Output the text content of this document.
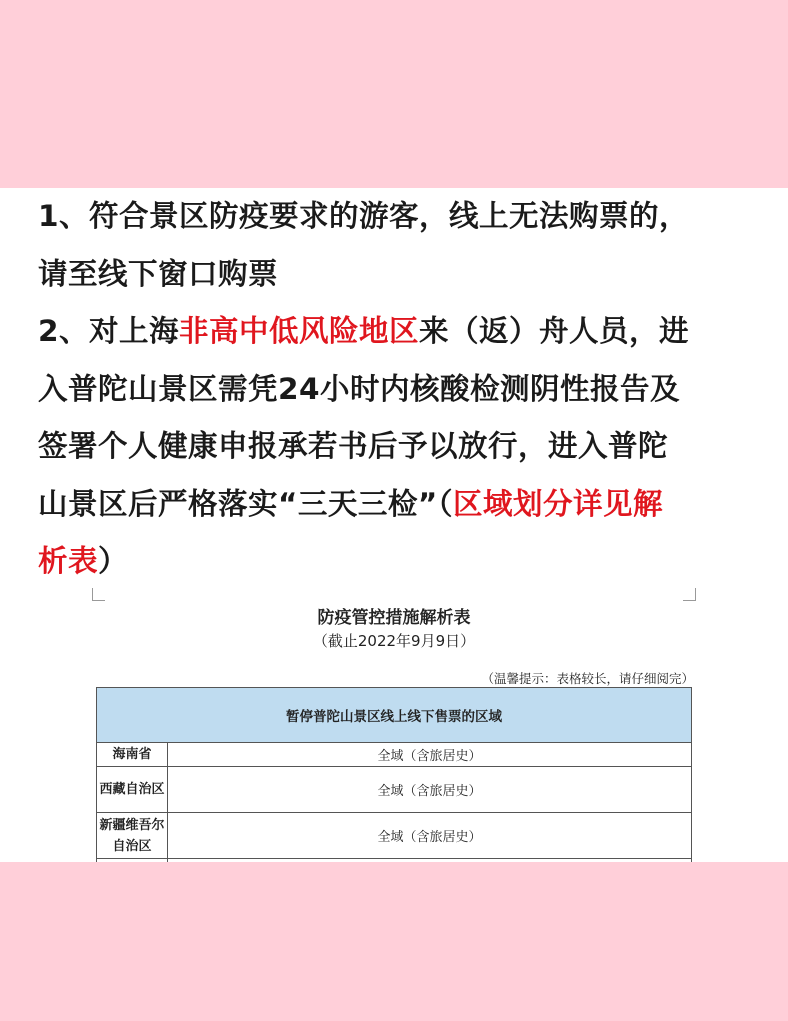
1、符合景区防疫要求的游客，线上无法购票的，
请至线下窗口购票
2、对上海非高中低风险地区来（返）舟人员，进
入普陀山景区需凭24小时内核酸检测阴性报告及
签署个人健康申报承若书后予以放行，进入普陀
山景区后严格落实“三天三检”（区域划分详见解
析表）
防疫管控措施解析表
（截止2022年9月9日）
（温馨提示：表格较长，请仔细阅完）
暂停普陀山景区线上线下售票的区域	
海南省	全域（含旅居史）
西藏自治区	全域（含旅居史）
新疆维吾尔自治区	全域（含旅居史）
